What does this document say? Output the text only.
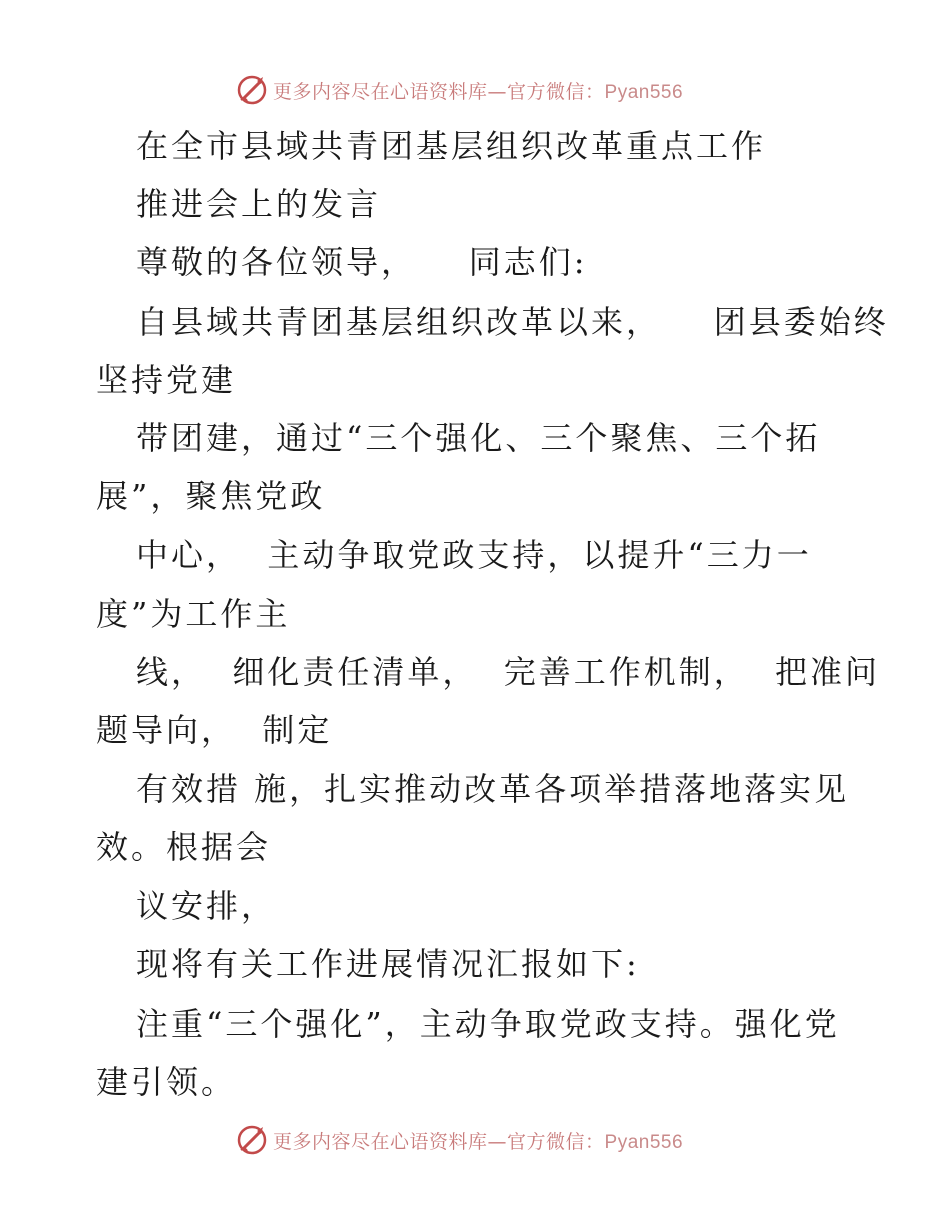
更多内容尽在心语资料库—官方微信：Pyan556
在全市县域共青团基层组织改革重点工作
推进会上的发言
尊敬的各位领导，    同志们:
自县域共青团基层组织改革以来，    团县委始终
坚持党建
带团建，通过“三个强化、三个聚焦、三个拓
展”，聚焦党政
中心，  主动争取党政支持，以提升“三力一
度”为工作主
线，  细化责任清单，  完善工作机制，  把准问
题导向，  制定
有效措 施，扎实推动改革各项举措落地落实见
效。根据会
议安排，
现将有关工作进展情况汇报如下:
注重“三个强化”，主动争取党政支持。强化党
建引领。
更多内容尽在心语资料库—官方微信：Pyan556
